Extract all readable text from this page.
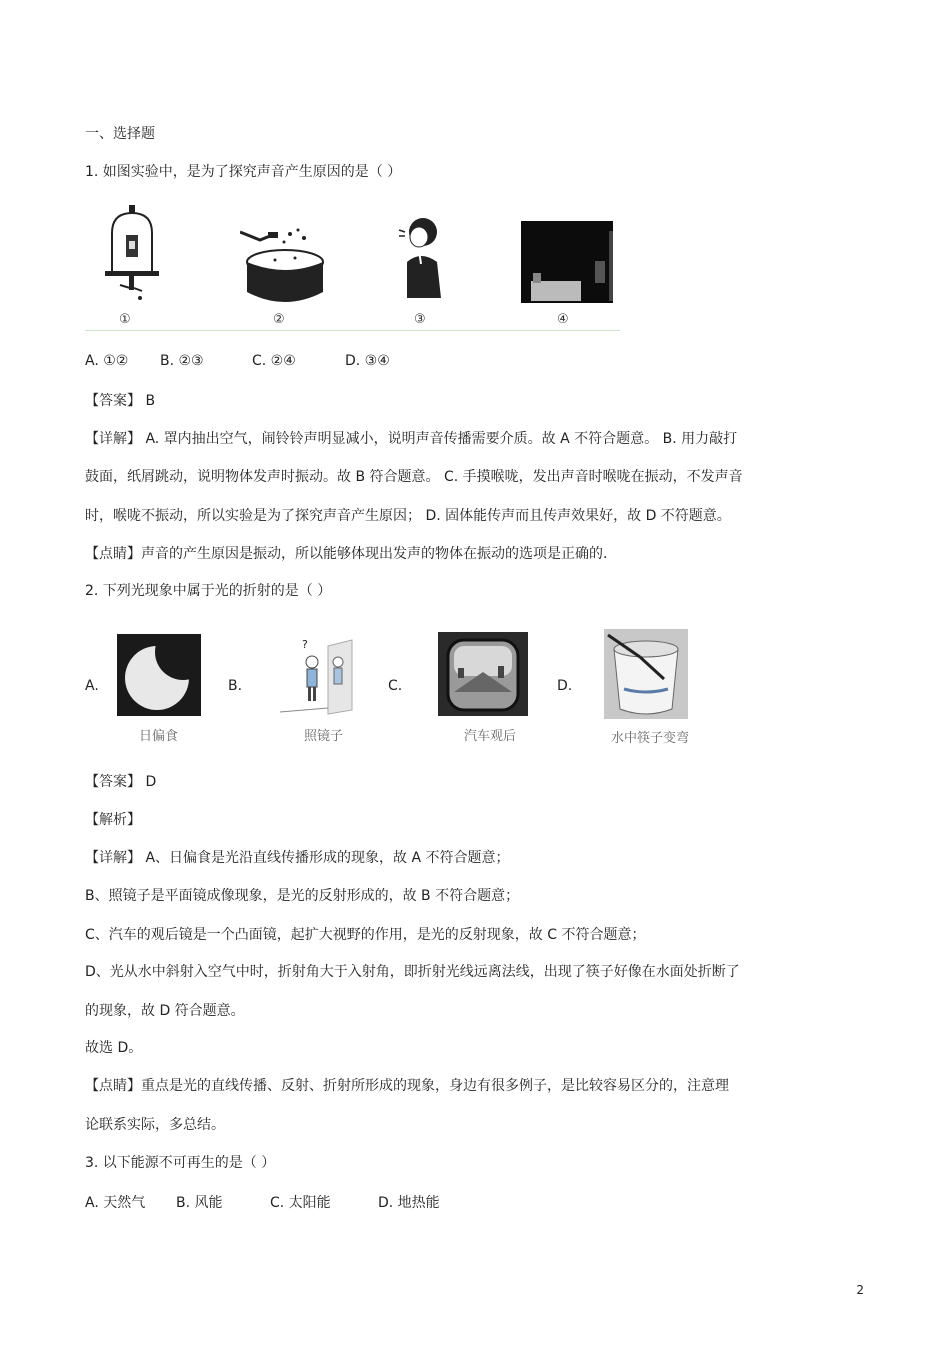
一、选择题
1. 如图实验中，是为了探究声音产生原因的是（ ）
①	②	③	④
A. ①② B. ②③	C. ②④	D. ③④
【答案】 B
【详解】 A. 罩内抽出空气，闹铃铃声明显减小，说明声音传播需要介质。故 A 不符合题意。 B. 用力敲打
鼓面，纸屑跳动，说明物体发声时振动。故 B 符合题意。 C. 手摸喉咙，发出声音时喉咙在振动，不发声音
时，喉咙不振动，所以实验是为了探究声音产生原因； D. 固体能传声而且传声效果好，故 D 不符题意。
【点睛】声音的产生原因是振动，所以能够体现出发声的物体在振动的选项是正确的.
2. 下列光现象中属于光的折射的是（ ）
A.
日偏食
B.
?
照镜子
C.
汽车观后
D.
水中筷子变弯
【答案】 D
【解析】
【详解】 A、日偏食是光沿直线传播形成的现象，故 A 不符合题意；
B、照镜子是平面镜成像现象，是光的反射形成的，故 B 不符合题意；
C、汽车的观后镜是一个凸面镜，起扩大视野的作用，是光的反射现象，故 C 不符合题意；
D、光从水中斜射入空气中时，折射角大于入射角，即折射光线远离法线，出现了筷子好像在水面处折断了
的现象，故 D 符合题意。
故选 D。
【点睛】重点是光的直线传播、反射、折射所形成的现象，身边有很多例子，是比较容易区分的，注意理
论联系实际，多总结。
3. 以下能源不可再生的是（ ）
A. 天然气 B. 风能	C. 太阳能	D. 地热能
2
